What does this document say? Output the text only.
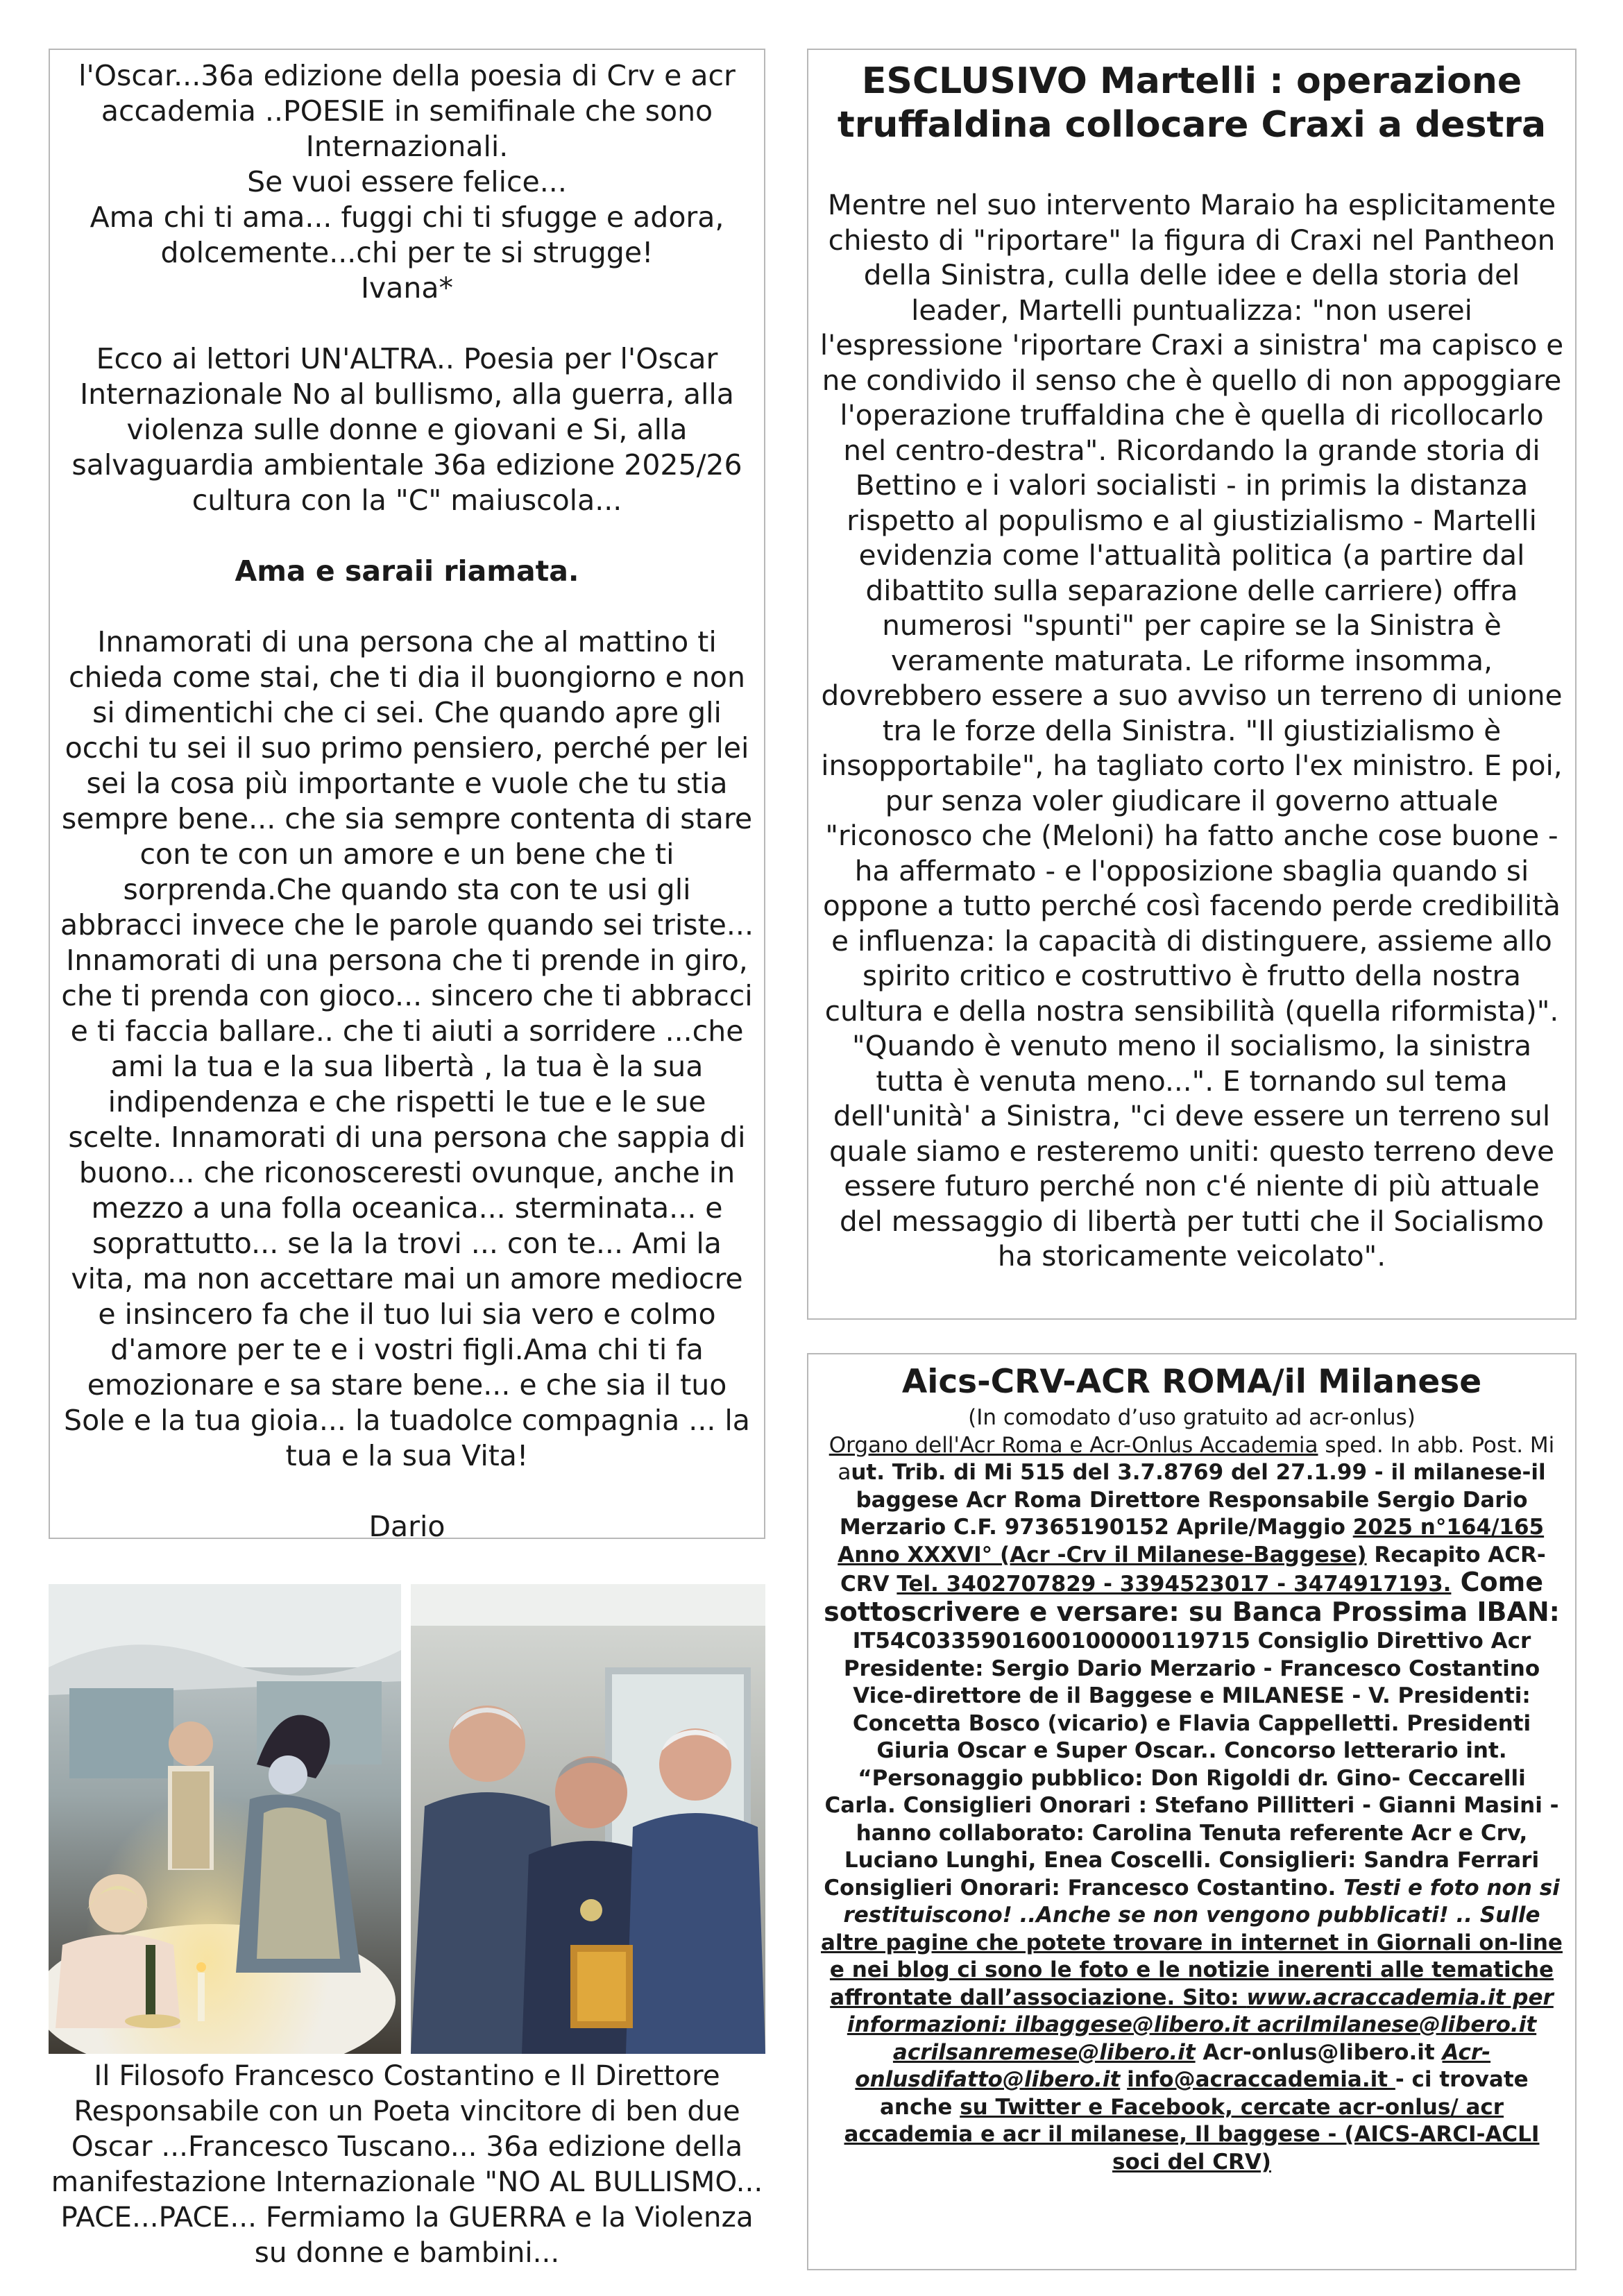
l'Oscar...36a edizione della poesia di Crv e acr accademia ..POESIE in semifinale che sono Internazionali.

Se vuoi essere felice...

Ama chi ti ama... fuggi chi ti sfugge e adora, dolcemente...chi per te si strugge!

Ivana*

Ecco ai lettori UN'ALTRA.. Poesia per l'Oscar Internazionale No al bullismo, alla guerra, alla violenza sulle donne e giovani e Si, alla salvaguardia ambientale 36a edizione 2025/26 cultura con la "C" maiuscola...

Ama e saraii riamata.

Innamorati di una persona che al mattino ti chieda come stai, che ti dia il buongiorno e non si dimentichi che ci sei. Che quando apre gli occhi tu sei il suo primo pensiero, perché per lei sei la cosa più importante e vuole che tu stia sempre bene... che sia sempre contenta di stare con te con un amore e un bene che ti sorprenda.Che quando sta con te usi gli abbracci invece che le parole quando sei triste... Innamorati di una persona che ti prende in giro, che ti prenda con gioco... sincero che ti abbracci e ti faccia ballare.. che ti aiuti a sorridere ...che ami la tua e la sua libertà , la tua è la sua indipendenza e che rispetti le tue e le sue scelte. Innamorati di una persona che sappia di buono... che riconosceresti ovunque, anche in mezzo a una folla oceanica... sterminata... e soprattutto... se la la trovi ... con te... Ami la vita, ma non accettare mai un amore mediocre e insincero fa che il tuo lui sia vero e colmo d'amore per te e i vostri figli.Ama chi ti fa emozionare e sa stare bene... e che sia il tuo Sole e la tua gioia... la tuadolce compagnia ... la tua e la sua Vita!

Dario

ESCLUSIVO Martelli : operazione truffaldina collocare Craxi a destra

Mentre nel suo intervento Maraio ha esplicitamente chiesto di "riportare" la figura di Craxi nel Pantheon della Sinistra, culla delle idee e della storia del leader, Martelli puntualizza: "non userei l'espressione 'riportare Craxi a sinistra' ma capisco e ne condivido il senso che è quello di non appoggiare l'operazione truffaldina che è quella di ricollocarlo nel centro-destra". Ricordando la grande storia di Bettino e i valori socialisti - in primis la distanza rispetto al populismo e al giustizialismo - Martelli evidenzia come l'attualità politica (a partire dal dibattito sulla separazione delle carriere) offra numerosi "spunti" per capire se la Sinistra è veramente maturata. Le riforme insomma, dovrebbero essere a suo avviso un terreno di unione tra le forze della Sinistra. "Il giustizialismo è insopportabile", ha tagliato corto l'ex ministro. E poi, pur senza voler giudicare il governo attuale "riconosco che (Meloni) ha fatto anche cose buone - ha affermato - e l'opposizione sbaglia quando si oppone a tutto perché così facendo perde credibilità e influenza: la capacità di distinguere, assieme allo spirito critico e costruttivo è frutto della nostra cultura e della nostra sensibilità (quella riformista)". "Quando è venuto meno il socialismo, la sinistra tutta è venuta meno...". E tornando sul tema dell'unità' a Sinistra, "ci deve essere un terreno sul quale siamo e resteremo uniti: questo terreno deve essere futuro perché non c'é niente di più attuale del messaggio di libertà per tutti che il Socialismo ha storicamente veicolato".

Il Filosofo Francesco Costantino e Il Direttore Responsabile con un Poeta vincitore di ben due Oscar ...Francesco Tuscano... 36a edizione della manifestazione Internazionale "NO AL BULLISMO... PACE...PACE... Fermiamo la GUERRA e la Violenza su donne e bambini...

Aics-CRV-ACR ROMA/il Milanese

(In comodato d’uso gratuito ad acr-onlus)
Organo dell'Acr Roma e Acr-Onlus Accademia sped. In abb. Post. Mi aut. Trib. di Mi 515 del 3.7.8769 del 27.1.99 - il milanese-il baggese Acr Roma Direttore Responsabile Sergio Dario Merzario C.F. 97365190152 Aprile/Maggio 2025 n°164/165 Anno XXXVI° (Acr -Crv il Milanese-Baggese) Recapito ACR-CRV Tel. 3402707829 - 3394523017 - 3474917193. Come sottoscrivere e versare: su Banca Prossima IBAN: IT54C0335901600100000119715 Consiglio Direttivo Acr Presidente: Sergio Dario Merzario - Francesco Costantino Vice-direttore de il Baggese e MILANESE - V. Presidenti: Concetta Bosco (vicario) e Flavia Cappelletti. Presidenti Giuria Oscar e Super Oscar.. Concorso letterario int. “Personaggio pubblico: Don Rigoldi dr. Gino- Ceccarelli Carla. Consiglieri Onorari : Stefano Pillitteri - Gianni Masini - hanno collaborato: Carolina Tenuta referente Acr e Crv, Luciano Lunghi, Enea Coscelli. Consiglieri: Sandra Ferrari Consiglieri Onorari: Francesco Costantino. Testi e foto non si restituiscono! ..Anche se non vengono pubblicati! .. Sulle altre pagine che potete trovare in internet in Giornali on-line e nei blog ci sono le foto e le notizie inerenti alle tematiche affrontate dall’associazione. Sito: www.acraccademia.it per informazioni: ilbaggese@libero.it acrilmilanese@libero.it acrilsanremese@libero.it Acr-onlus@libero.it Acr-onlusdifatto@libero.it info@acraccademia.it - ci trovate anche su Twitter e Facebook, cercate acr-onlus/ acr accademia e acr il milanese, Il baggese - (AICS-ARCI-ACLI soci del CRV)
